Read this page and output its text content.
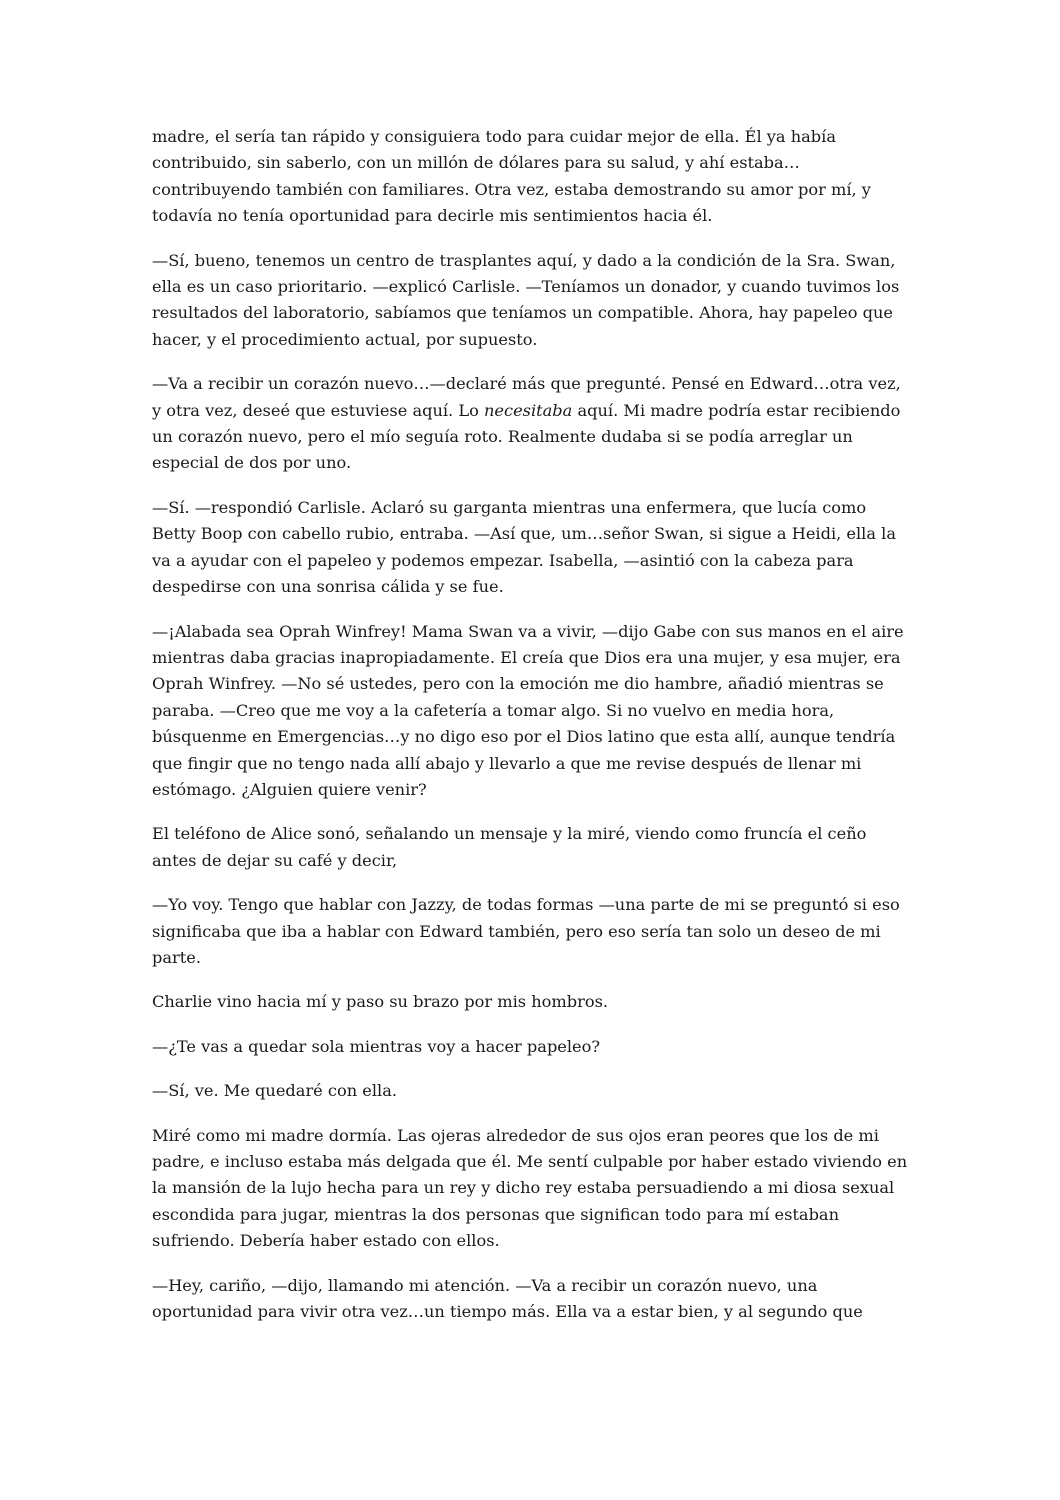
madre, el sería tan rápido y consiguiera todo para cuidar mejor de ella. Él ya había
contribuido, sin saberlo, con un millón de dólares para su salud, y ahí estaba…
contribuyendo también con familiares. Otra vez, estaba demostrando su amor por mí, y
todavía no tenía oportunidad para decirle mis sentimientos hacia él.

—Sí, bueno, tenemos un centro de trasplantes aquí, y dado a la condición de la Sra. Swan,
ella es un caso prioritario. —explicó Carlisle. —Teníamos un donador, y cuando tuvimos los
resultados del laboratorio, sabíamos que teníamos un compatible. Ahora, hay papeleo que
hacer, y el procedimiento actual, por supuesto.

—Va a recibir un corazón nuevo…—declaré más que pregunté. Pensé en Edward…otra vez,
y otra vez, deseé que estuviese aquí. Lo necesitaba aquí. Mi madre podría estar recibiendo
un corazón nuevo, pero el mío seguía roto. Realmente dudaba si se podía arreglar un
especial de dos por uno.

—Sí. —respondió Carlisle. Aclaró su garganta mientras una enfermera, que lucía como
Betty Boop con cabello rubio, entraba. —Así que, um…señor Swan, si sigue a Heidi, ella la
va a ayudar con el papeleo y podemos empezar. Isabella, —asintió con la cabeza para
despedirse con una sonrisa cálida y se fue.

—¡Alabada sea Oprah Winfrey! Mama Swan va a vivir, —dijo Gabe con sus manos en el aire
mientras daba gracias inapropiadamente. El creía que Dios era una mujer, y esa mujer, era
Oprah Winfrey. —No sé ustedes, pero con la emoción me dio hambre, añadió mientras se
paraba. —Creo que me voy a la cafetería a tomar algo. Si no vuelvo en media hora,
búsquenme en Emergencias…y no digo eso por el Dios latino que esta allí, aunque tendría
que fingir que no tengo nada allí abajo y llevarlo a que me revise después de llenar mi
estómago. ¿Alguien quiere venir?

El teléfono de Alice sonó, señalando un mensaje y la miré, viendo como fruncía el ceño
antes de dejar su café y decir,

—Yo voy. Tengo que hablar con Jazzy, de todas formas —una parte de mi se preguntó si eso
significaba que iba a hablar con Edward también, pero eso sería tan solo un deseo de mi
parte.

Charlie vino hacia mí y paso su brazo por mis hombros.

—¿Te vas a quedar sola mientras voy a hacer papeleo?

—Sí, ve. Me quedaré con ella.

Miré como mi madre dormía. Las ojeras alrededor de sus ojos eran peores que los de mi
padre, e incluso estaba más delgada que él. Me sentí culpable por haber estado viviendo en
la mansión de la lujo hecha para un rey y dicho rey estaba persuadiendo a mi diosa sexual
escondida para jugar, mientras la dos personas que significan todo para mí estaban
sufriendo. Debería haber estado con ellos.

—Hey, cariño, —dijo, llamando mi atención. —Va a recibir un corazón nuevo, una
oportunidad para vivir otra vez…un tiempo más. Ella va a estar bien, y al segundo que
